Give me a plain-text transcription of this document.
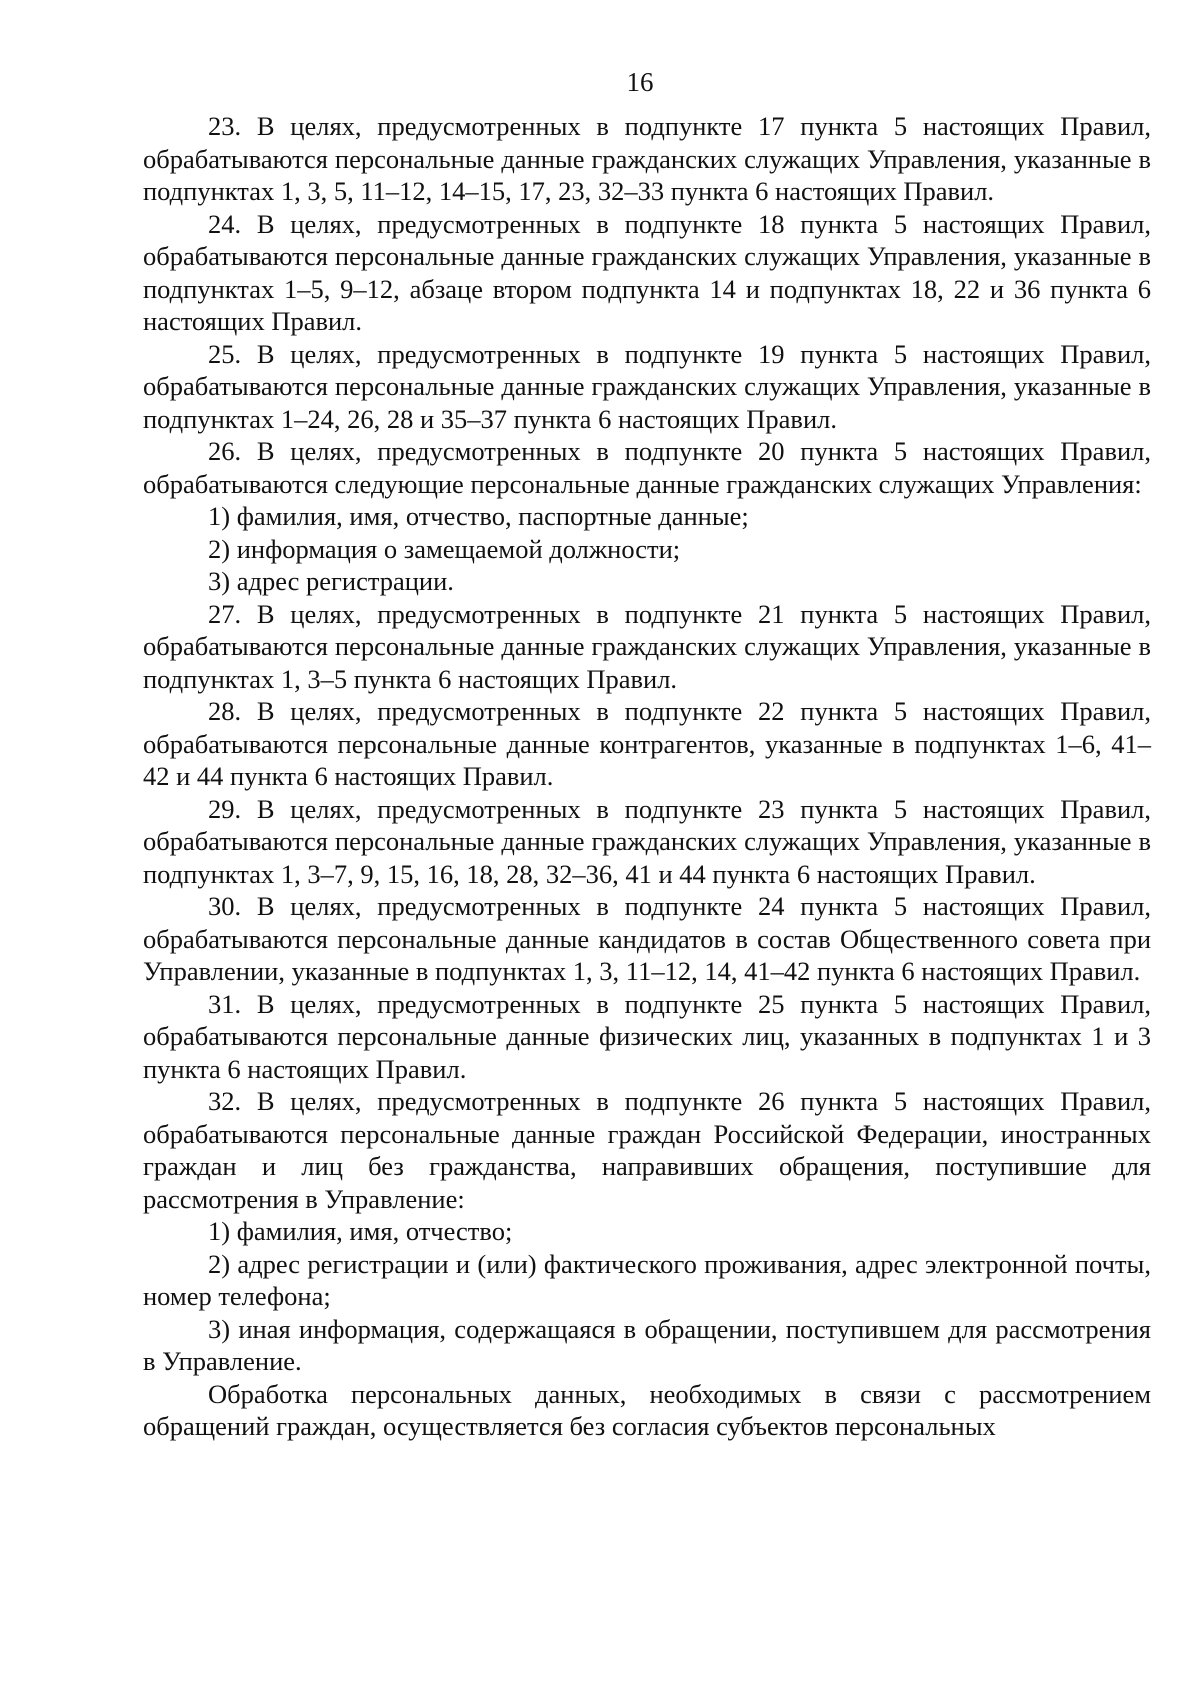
16

23. В целях, предусмотренных в подпункте 17 пункта 5 настоящих Правил, обрабатываются персональные данные гражданских служащих Управления, указанные в подпунктах 1, 3, 5, 11–12, 14–15, 17, 23, 32–33 пункта 6 настоящих Правил.

24. В целях, предусмотренных в подпункте 18 пункта 5 настоящих Правил, обрабатываются персональные данные гражданских служащих Управления, указанные в подпунктах 1–5, 9–12, абзаце втором подпункта 14 и подпунктах 18, 22 и 36 пункта 6 настоящих Правил.

25. В целях, предусмотренных в подпункте 19 пункта 5 настоящих Правил, обрабатываются персональные данные гражданских служащих Управления, указанные в подпунктах 1–24, 26, 28 и 35–37 пункта 6 настоящих Правил.

26. В целях, предусмотренных в подпункте 20 пункта 5 настоящих Правил, обрабатываются следующие персональные данные гражданских служащих Управления:

1) фамилия, имя, отчество, паспортные данные;

2) информация о замещаемой должности;

3) адрес регистрации.

27. В целях, предусмотренных в подпункте 21 пункта 5 настоящих Правил, обрабатываются персональные данные гражданских служащих Управления, указанные в подпунктах 1, 3–5 пункта 6 настоящих Правил.

28. В целях, предусмотренных в подпункте 22 пункта 5 настоящих Правил, обрабатываются персональные данные контрагентов, указанные в подпунктах 1–6, 41–42 и 44 пункта 6 настоящих Правил.

29. В целях, предусмотренных в подпункте 23 пункта 5 настоящих Правил, обрабатываются персональные данные гражданских служащих Управления, указанные в подпунктах 1, 3–7, 9, 15, 16, 18, 28, 32–36, 41 и 44 пункта 6 настоящих Правил.

30. В целях, предусмотренных в подпункте 24 пункта 5 настоящих Правил, обрабатываются персональные данные кандидатов в состав Общественного совета при Управлении, указанные в подпунктах 1, 3, 11–12, 14, 41–42 пункта 6 настоящих Правил.

31. В целях, предусмотренных в подпункте 25 пункта 5 настоящих Правил, обрабатываются персональные данные физических лиц, указанных в подпунктах 1 и 3 пункта 6 настоящих Правил.

32. В целях, предусмотренных в подпункте 26 пункта 5 настоящих Правил, обрабатываются персональные данные граждан Российской Федерации, иностранных граждан и лиц без гражданства, направивших обращения, поступившие для рассмотрения в Управление:

1) фамилия, имя, отчество;

2) адрес регистрации и (или) фактического проживания, адрес электронной почты, номер телефона;

3) иная информация, содержащаяся в обращении, поступившем для рассмотрения в Управление.

Обработка персональных данных, необходимых в связи с рассмотрением обращений граждан, осуществляется без согласия субъектов персональных
